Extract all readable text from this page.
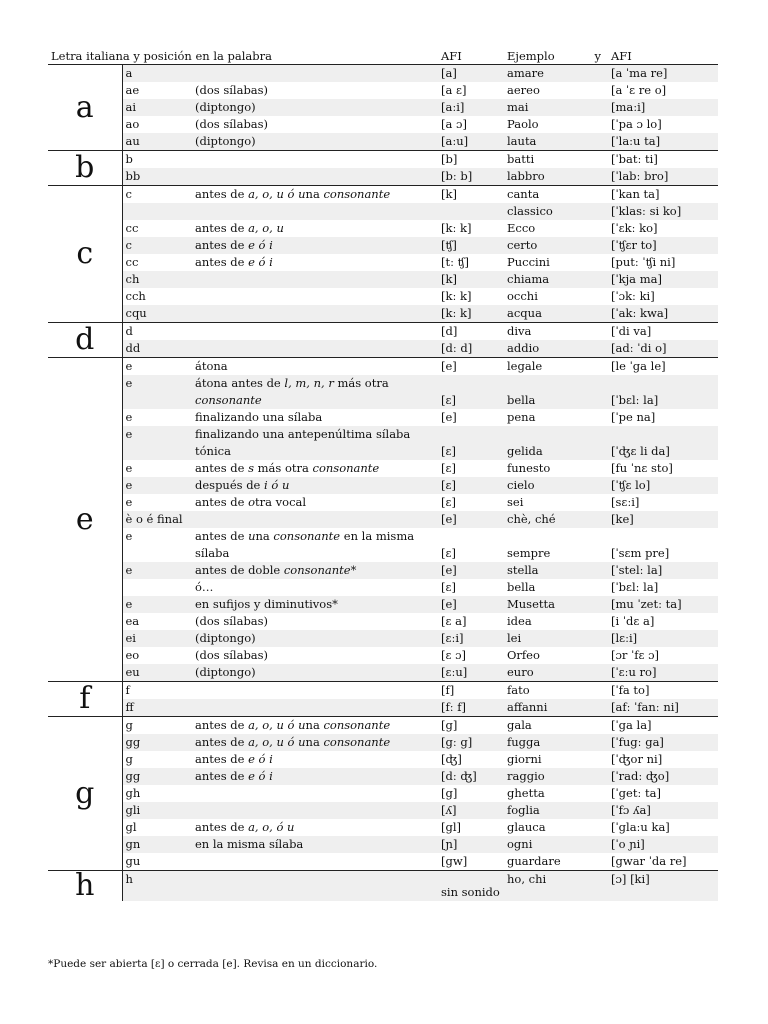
Letra italiana y posición en la palabra			AFI	Ejemplo y	AFI
a	a		[a]	amare	[a ˈma re]
	ae	(dos sílabas)	[a ɛ]	aereo	[a ˈɛ re o]
	ai	(diptongo)	[aːi]	mai	[maːi]
	ao	(dos sílabas)	[a ɔ]	Paolo	[ˈpa ɔ lo]
	au	(diptongo)	[aːu]	lauta	[ˈlaːu ta]
b	b		[b]	batti	[ˈbatː ti]
	bb		[bː b]	labbro	[ˈlabː bro]
c	c	antes de a, o, u ó una consonante	[k]	canta	[ˈkan ta]
				classico	[ˈklasː si ko]
	cc	antes de a, o, u	[kː k]	Ecco	[ˈɛkː ko]
	c	antes de e ó i	[ʧ]	certo	[ˈʧɛr to]
	cc	antes de e ó i	[tː ʧ]	Puccini	[putː ˈʧi ni]
	ch		[k]	chiama	[ˈkja ma]
	cch		[kː k]	occhi	[ˈɔkː ki]
	cqu		[kː k]	acqua	[ˈakː kwa]
d	d		[d]	diva	[ˈdi va]
	dd		[dː d]	addio	[adː ˈdi o]
e	e	átona	[e]	legale	[le ˈga le]
	e	átona antes de l, m, n, r más otra consonante	[ɛ]	bella	[ˈbɛlː la]
	e	finalizando una sílaba	[e]	pena	[ˈpe na]
	e	finalizando una antepenúltima sílaba tónica	[ɛ]	gelida	[ˈʤɛ li da]
	e	antes de s más otra consonante	[ɛ]	funesto	[fu ˈnɛ sto]
	e	después de i ó u	[ɛ]	cielo	[ˈʧɛ lo]
	e	antes de otra vocal	[ɛ]	sei	[sɛːi]
	è o é final		[e]	chè, ché	[ke]
	e	antes de una consonante en la misma sílaba	[ɛ]	sempre	[ˈsɛm pre]
	e	antes de doble consonante*	[e]	stella	[ˈstelː la]
		ó…	[ɛ]	bella	[ˈbɛlː la]
	e	en sufijos y diminutivos*	[e]	Musetta	[mu ˈzetː ta]
	ea	(dos sílabas)	[ɛ a]	idea	[i ˈdɛ a]
	ei	(diptongo)	[ɛːi]	lei	[lɛːi]
	eo	(dos sílabas)	[ɛ ɔ]	Orfeo	[ɔr ˈfɛ ɔ]
	eu	(diptongo)	[ɛːu]	euro	[ˈɛːu ro]
f	f		[f]	fato	[ˈfa to]
	ff		[fː f]	affanni	[afː ˈfanː ni]
g	g	antes de a, o, u ó una consonante	[g]	gala	[ˈga la]
	gg	antes de a, o, u ó una consonante	[gː g]	fugga	[ˈfugː ga]
	g	antes de e ó i	[ʤ]	giorni	[ˈʤor ni]
	gg	antes de e ó i	[dː ʤ]	raggio	[ˈradː ʤo]
	gh		[g]	ghetta	[ˈgetː ta]
	gli		[ʎ]	foglia	[ˈfɔ ʎa]
	gl	antes de a, o, ó u	[gl]	glauca	[ˈglaːu ka]
	gn	en la misma sílaba	[ɲ]	ogni	[ˈo ɲi]
	gu		[gw]	guardare	[gwar ˈda re]
h	h		sin sonido	ho, chi	[ɔ] [ki]
*Puede ser abierta [ɛ] o cerrada [e]. Revisa en un diccionario.
